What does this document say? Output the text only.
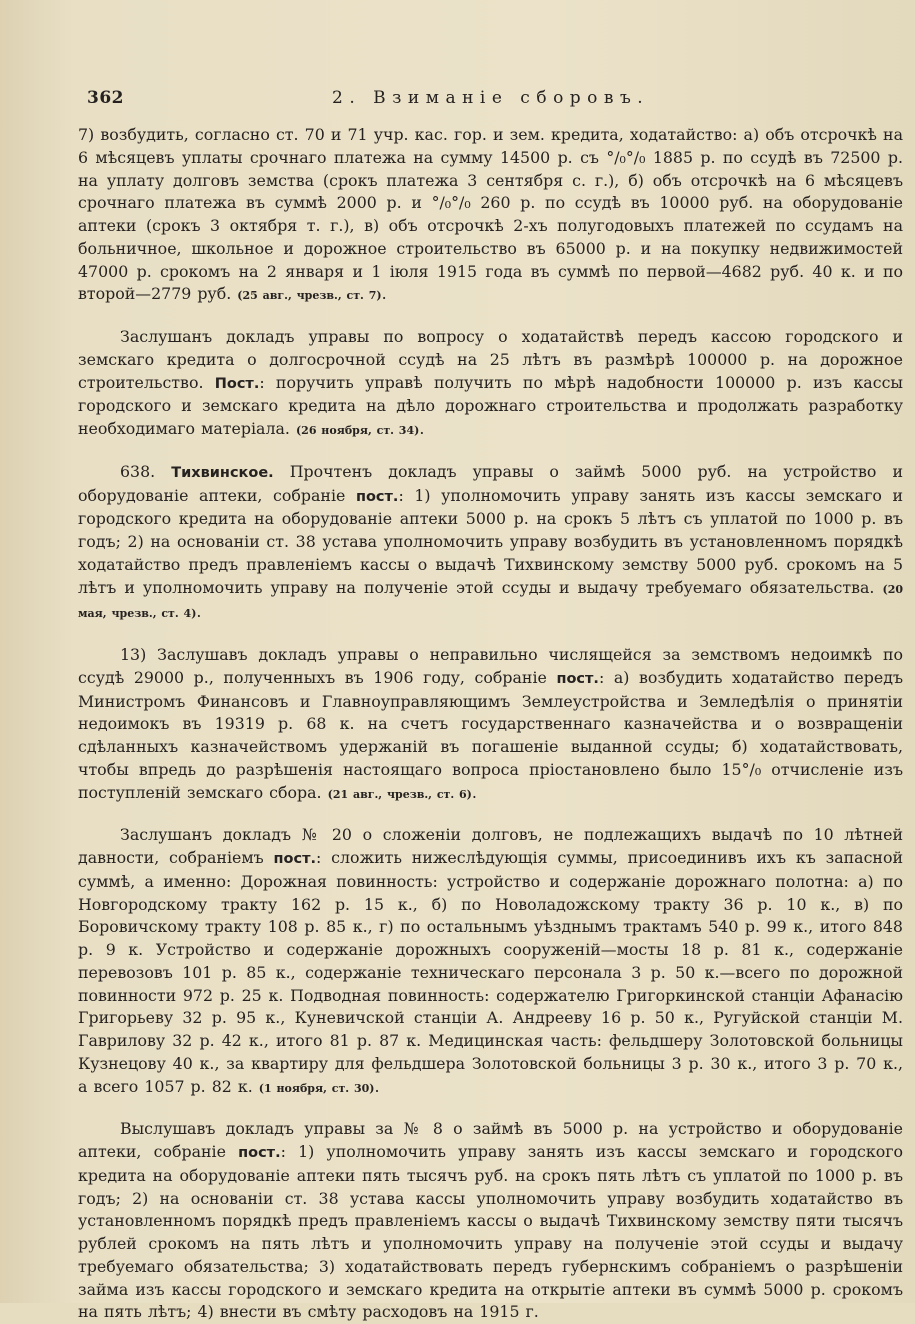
362	2. Взиманіе сборовъ.

7) возбудить, согласно ст. 70 и 71 учр. кас. гор. и зем. кредита, ходатайство: а) объ отсрочкѣ на 6 мѣсяцевъ уплаты срочнаго платежа на сумму 14500 р. съ °/₀°/₀ 1885 р. по ссудѣ въ 72500 р. на уплату долговъ земства (срокъ платежа 3 сентября с. г.), б) объ отсрочкѣ на 6 мѣсяцевъ срочнаго платежа въ суммѣ 2000 р. и °/₀°/₀ 260 р. по ссудѣ въ 10000 руб. на оборудованіе аптеки (срокъ 3 октября т. г.), в) объ отсрочкѣ 2-хъ полугодовыхъ платежей по ссудамъ на больничное, школьное и дорожное строительство въ 65000 р. и на покупку недвижимостей 47000 р. срокомъ на 2 января и 1 іюля 1915 года въ суммѣ по первой—4682 руб. 40 к. и по второй—2779 руб. (25 авг., чрезв., ст. 7).

Заслушанъ докладъ управы по вопросу о ходатайствѣ передъ кассою городского и земскаго кредита о долгосрочной ссудѣ на 25 лѣтъ въ размѣрѣ 100000 р. на дорожное строительство. Пост.: поручить управѣ получить по мѣрѣ надобности 100000 р. изъ кассы городского и земскаго кредита на дѣло дорожнаго строительства и продолжать разработку необходимаго матеріала. (26 ноября, ст. 34).

638. Тихвинское. Прочтенъ докладъ управы о займѣ 5000 руб. на устройство и оборудованіе аптеки, собраніе пост.: 1) уполномочить управу занять изъ кассы земскаго и городского кредита на оборудованіе аптеки 5000 р. на срокъ 5 лѣтъ съ уплатой по 1000 р. въ годъ; 2) на основаніи ст. 38 устава уполномочить управу возбудить въ установленномъ порядкѣ ходатайство предъ правленіемъ кассы о выдачѣ Тихвинскому земству 5000 руб. срокомъ на 5 лѣтъ и уполномочить управу на полученіе этой ссуды и выдачу требуемаго обязательства. (20 мая, чрезв., ст. 4).

13) Заслушавъ докладъ управы о неправильно числящейся за земствомъ недоимкѣ по ссудѣ 29000 р., полученныхъ въ 1906 году, собраніе пост.: а) возбудить ходатайство передъ Министромъ Финансовъ и Главноуправляющимъ Землеустройства и Земледѣлія о принятіи недоимокъ въ 19319 р. 68 к. на счетъ государственнаго казначейства и о возвращеніи сдѣланныхъ казначействомъ удержаній въ погашеніе выданной ссуды; б) ходатайствовать, чтобы впредь до разрѣшенія настоящаго вопроса пріостановлено было 15°/₀ отчисленіе изъ поступленій земскаго сбора. (21 авг., чрезв., ст. 6).

Заслушанъ докладъ № 20 о сложеніи долговъ, не подлежащихъ выдачѣ по 10 лѣтней давности, собраніемъ пост.: сложить нижеслѣдующія суммы, присоединивъ ихъ къ запасной суммѣ, а именно: Дорожная повинность: устройство и содержаніе дорожнаго полотна: а) по Новгородскому тракту 162 р. 15 к., б) по Новоладожскому тракту 36 р. 10 к., в) по Боровичскому тракту 108 р. 85 к., г) по остальнымъ уѣзднымъ трактамъ 540 р. 99 к., итого 848 р. 9 к. Устройство и содержаніе дорожныхъ сооруженій—мосты 18 р. 81 к., содержаніе перевозовъ 101 р. 85 к., содержаніе техническаго персонала 3 р. 50 к.—всего по дорожной повинности 972 р. 25 к. Подводная повинность: содержателю Григоркинской станціи Афанасію Григорьеву 32 р. 95 к., Куневичской станціи А. Андрееву 16 р. 50 к., Ругуйской станціи М. Гаврилову 32 р. 42 к., итого 81 р. 87 к. Медицинская часть: фельдшеру Золотовской больницы Кузнецову 40 к., за квартиру для фельдшера Золотовской больницы 3 р. 30 к., итого 3 р. 70 к., а всего 1057 р. 82 к. (1 ноября, ст. 30).

Выслушавъ докладъ управы за № 8 о займѣ въ 5000 р. на устройство и оборудованіе аптеки, собраніе пост.: 1) уполномочить управу занять изъ кассы земскаго и городского кредита на оборудованіе аптеки пять тысячъ руб. на срокъ пять лѣтъ съ уплатой по 1000 р. въ годъ; 2) на основаніи ст. 38 устава кассы уполномочить управу возбудить ходатайство въ установленномъ порядкѣ предъ правленіемъ кассы о выдачѣ Тихвинскому земству пяти тысячъ рублей срокомъ на пять лѣтъ и уполномочить управу на полученіе этой ссуды и выдачу требуемаго обязательства; 3) ходатайствовать передъ губернскимъ собраніемъ о разрѣшеніи займа изъ кассы городского и земскаго кредита на открытіе аптеки въ суммѣ 5000 р. срокомъ на пять лѣтъ; 4) внести въ смѣту расходовъ на 1915 г.
